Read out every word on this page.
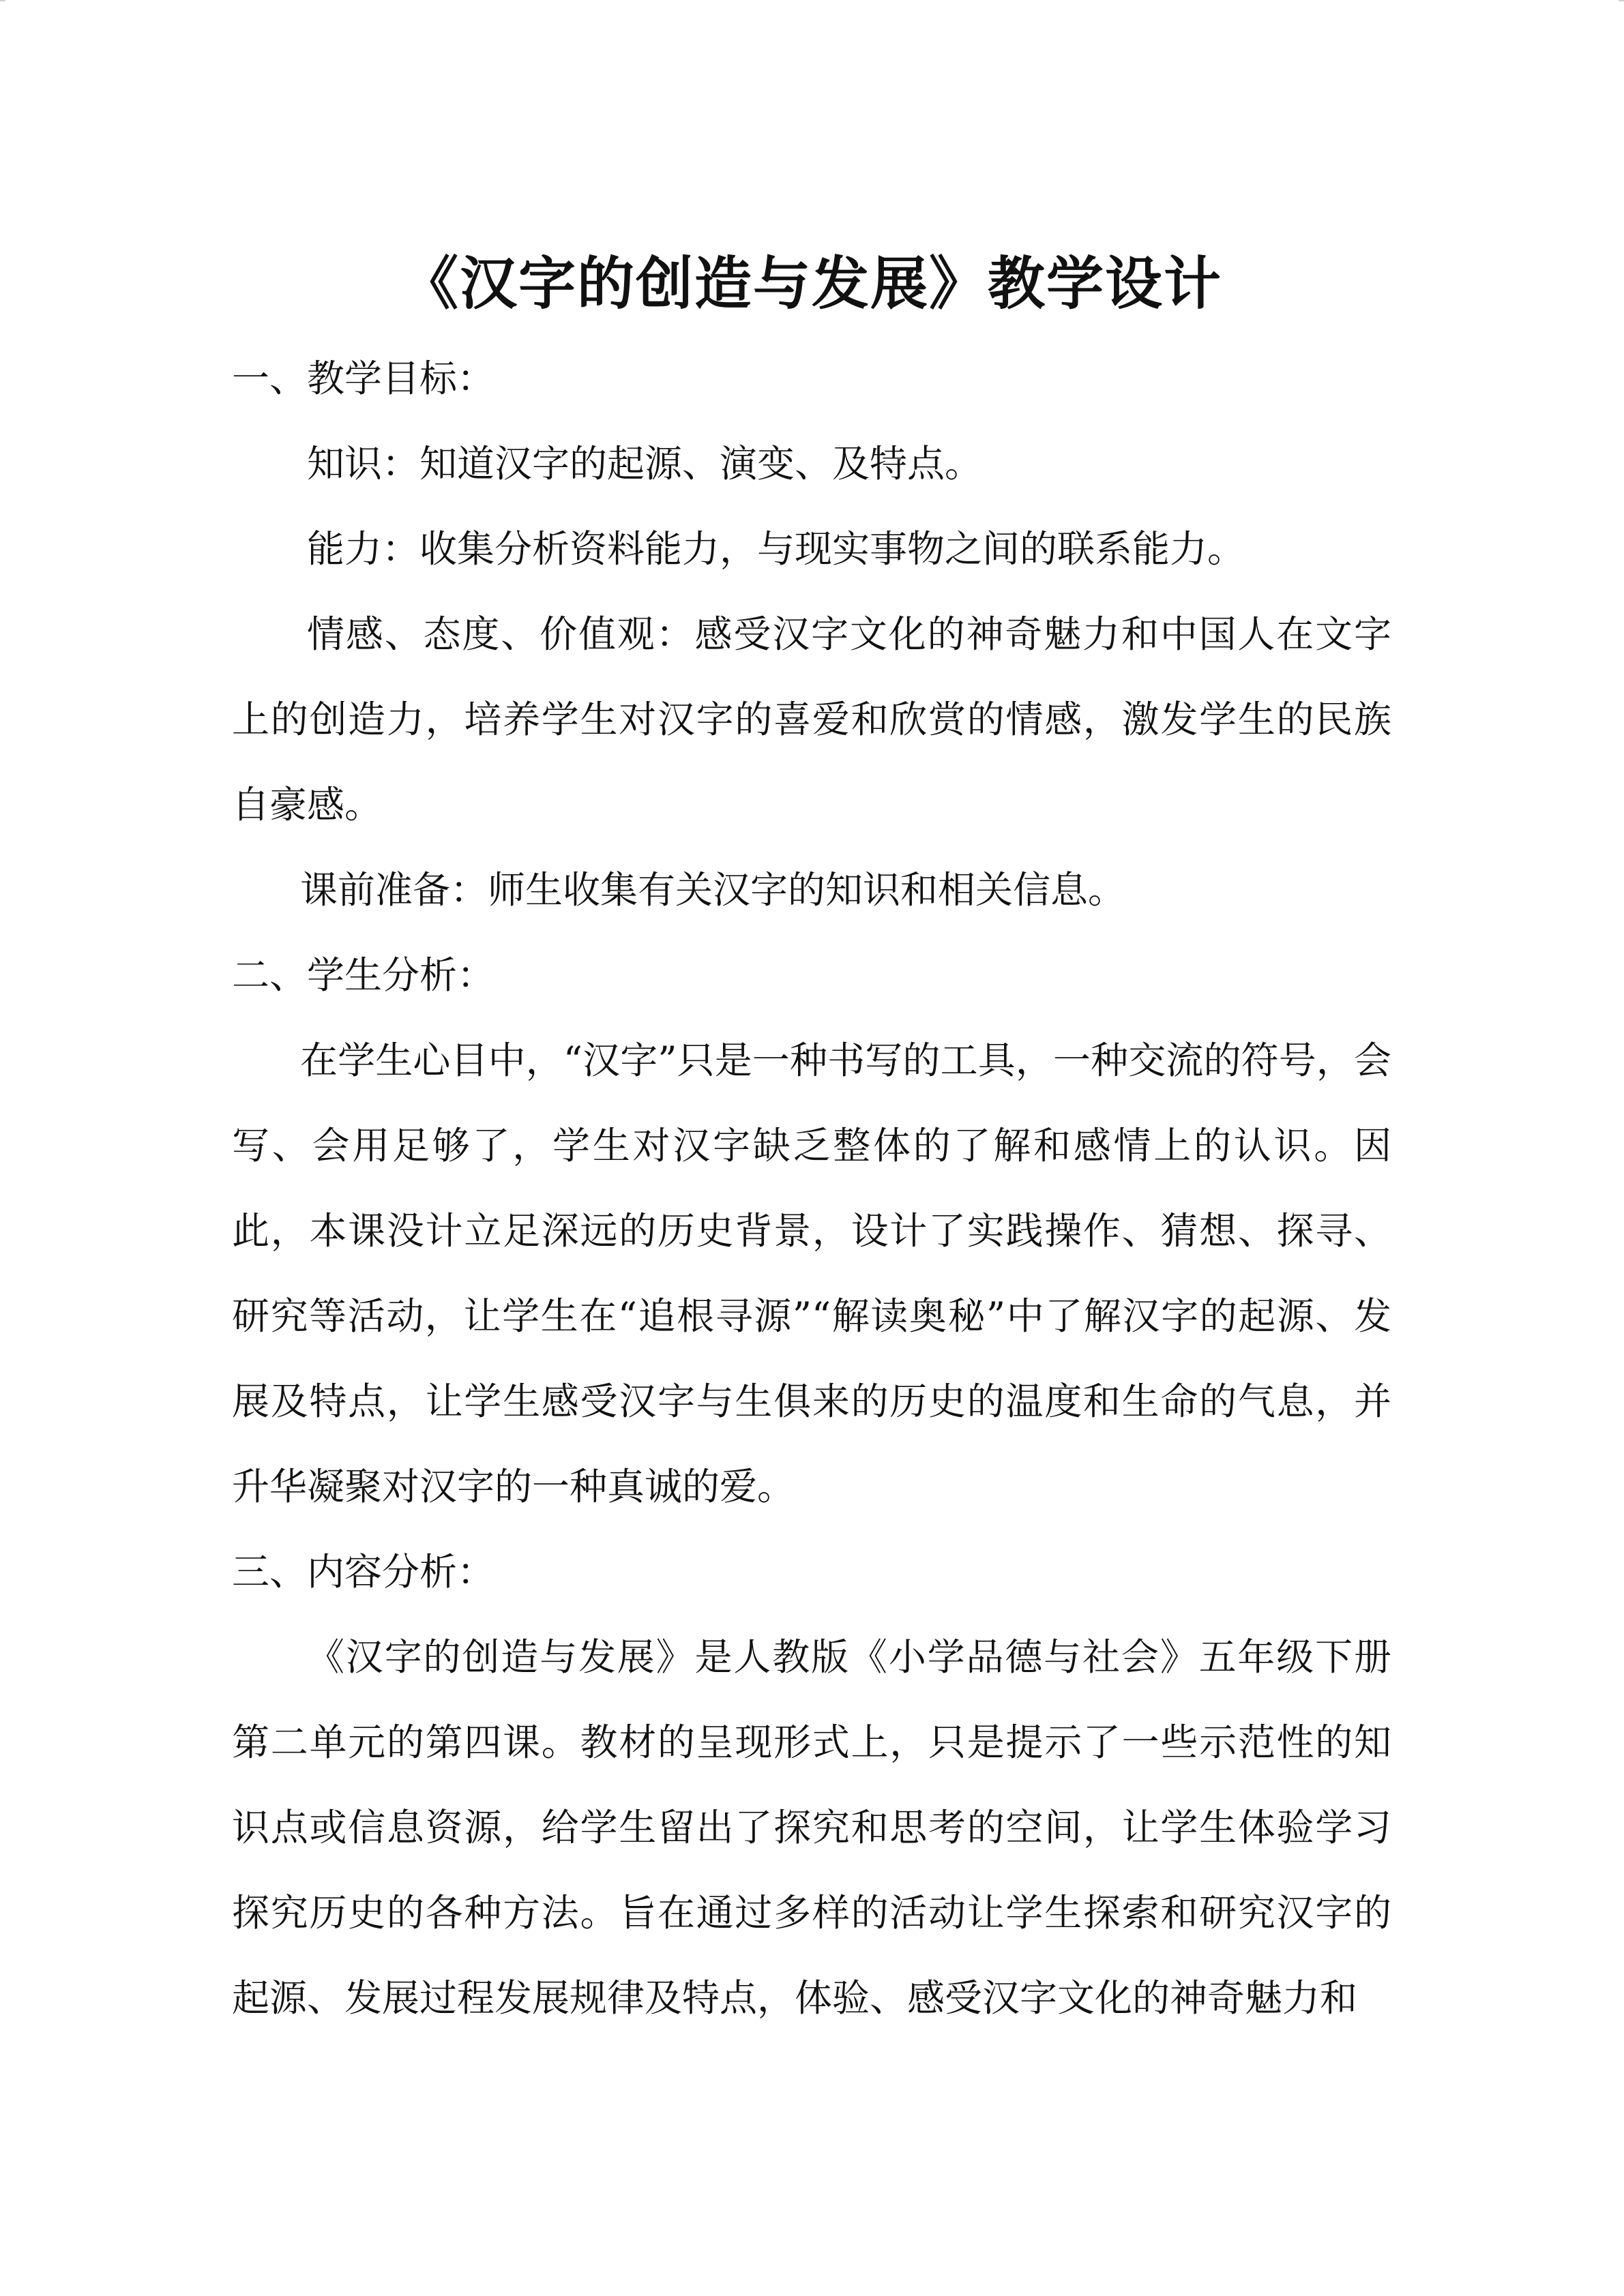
《汉字的创造与发展》教学设计

一、教学目标：

知识：知道汉字的起源、演变、及特点。

能力：收集分析资料能力，与现实事物之间的联系能力。

情感、态度、价值观：感受汉字文化的神奇魅力和中国人在文字上的创造力，培养学生对汉字的喜爱和欣赏的情感，激发学生的民族自豪感。

课前准备：师生收集有关汉字的知识和相关信息。

二、学生分析：

在学生心目中，“汉字”只是一种书写的工具，一种交流的符号，会写、会用足够了，学生对汉字缺乏整体的了解和感情上的认识。因此，本课没计立足深远的历史背景，设计了实践操作、猜想、探寻、研究等活动，让学生在“追根寻源”“解读奥秘”中了解汉字的起源、发展及特点，让学生感受汉字与生俱来的历史的温度和生命的气息，并升华凝聚对汉字的一种真诚的爱。

三、内容分析：

《汉字的创造与发展》是人教版《小学品德与社会》五年级下册第二单元的第四课。教材的呈现形式上，只是提示了一些示范性的知识点或信息资源，给学生留出了探究和思考的空间，让学生体验学习探究历史的各种方法。旨在通过多样的活动让学生探索和研究汉字的起源、发展过程发展规律及特点，体验、感受汉字文化的神奇魅力和
